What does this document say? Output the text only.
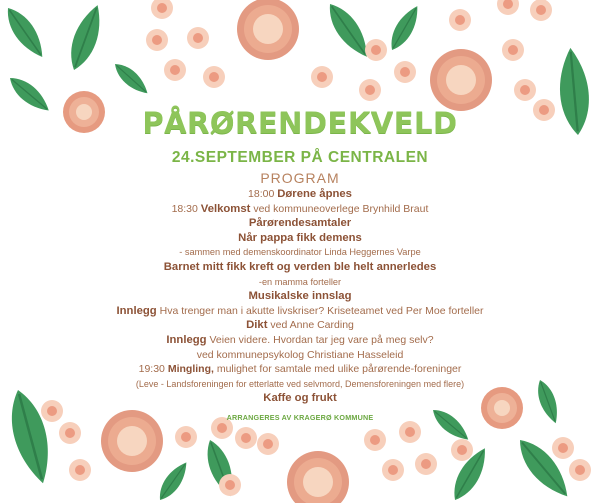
PÅRØRENDEKVELD
24.SEPTEMBER PÅ CENTRALEN
PROGRAM
18:00 Dørene åpnes
18:30 Velkomst ved kommuneoverlege Brynhild Braut
Pårørendesamtaler
Når pappa fikk demens
- sammen med demenskoordinator Linda Heggernes Varpe
Barnet mitt fikk kreft og verden ble helt annerledes
-en mamma forteller
Musikalske innslag
Innlegg Hva trenger man i akutte livskriser? Kriseteamet ved Per Moe forteller
Dikt ved Anne Carding
Innlegg Veien videre. Hvordan tar jeg vare på meg selv?
ved kommunepsykolog Christiane Hasseleid
19:30 Mingling, mulighet for samtale med ulike pårørende-foreninger
(Leve - Landsforeningen for etterlatte ved selvmord, Demensforeningen med flere)
Kaffe og frukt
ARRANGERES AV KRAGERØ KOMMUNE
